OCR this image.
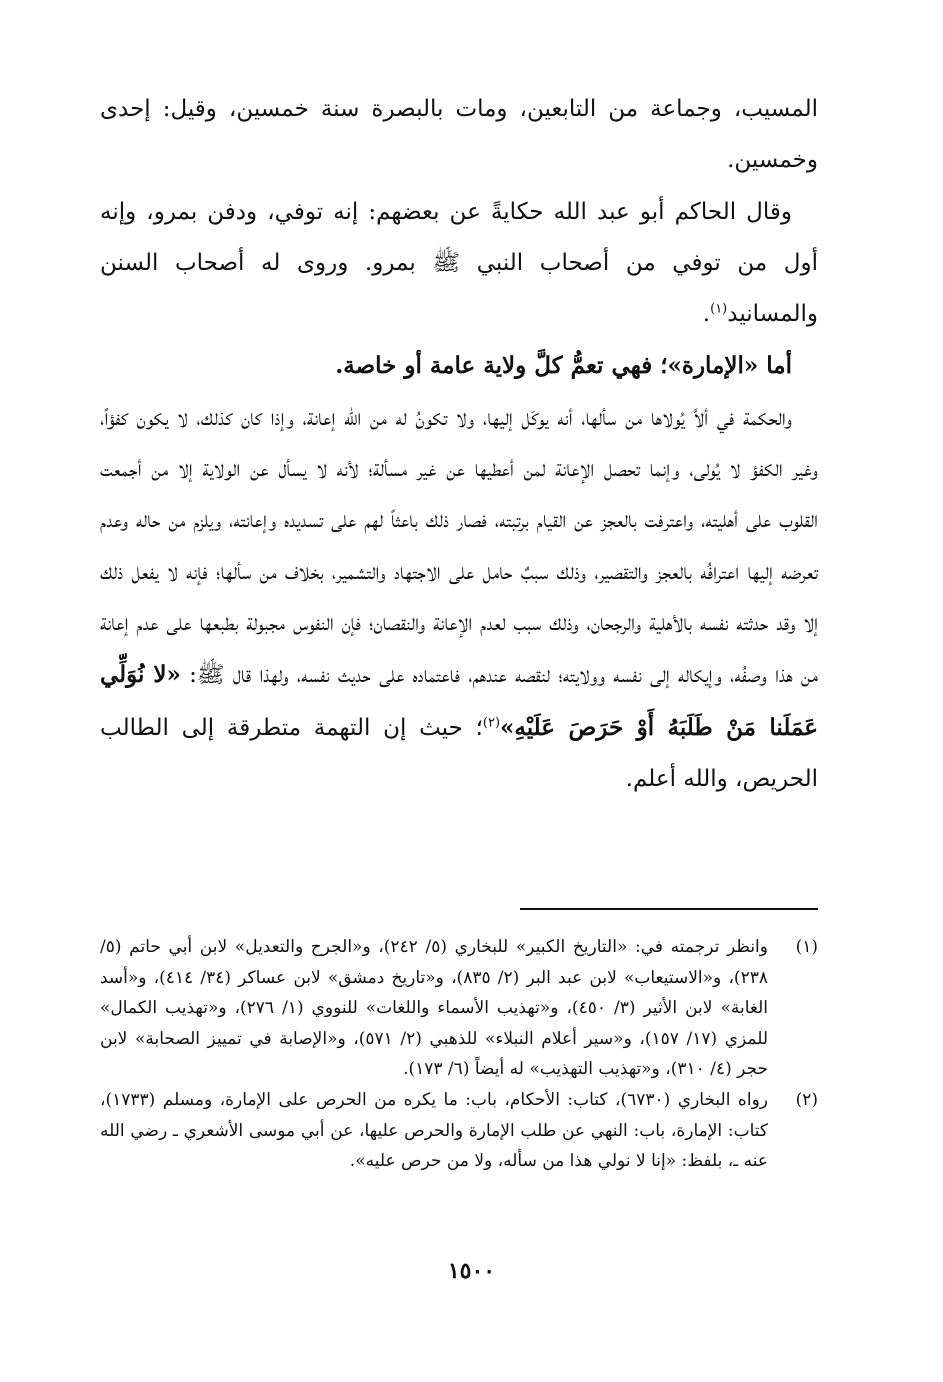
المسيب، وجماعة من التابعين، ومات بالبصرة سنة خمسين، وقيل: إحدى وخمسين.

وقال الحاكم أبو عبد الله حكايةً عن بعضهم: إنه توفي، ودفن بمرو، وإنه أول من توفي من أصحاب النبي ﷺ بمرو. وروى له أصحاب السنن والمسانيد$^{(١)}$.

أما «الإمارة»؛ فهي تعمُّ كلَّ ولاية عامة أو خاصة.

والحكمة في ألاَّ يُولاها من سألها، أنه يوكَل إليها، ولا تكونُ له من الله إعانة، وإذا كان كذلك، لا يكون كفؤاً، وغير الكفؤ لا يُولى، وإنما تحصل الإعانة لمن أعطيها عن غير مسألة؛ لأنه لا يسأل عن الولاية إلا من أجمعت القلوب على أهليته، واعترفت بالعجز عن القيام برتبته، فصار ذلك باعثاً لهم على تسديده وإعانته، ويلزم من حاله وعدم تعرضه إليها اعترافُه بالعجز والتقصير، وذلك سببٌ حامل على الاجتهاد والتشمير، بخلاف من سألها؛ فإنه لا يفعل ذلك إلا وقد حدثته نفسه بالأهلية والرجحان، وذلك سبب لعدم الإعانة والنقصان؛ فإن النفوس مجبولة بطبعها على عدم إعانة من هذا وصفُه، وإيكاله إلى نفسه وولايته؛ لنقصه عندهم، فاعتماده على حديث نفسه، ولهذا قال ﷺ: «لا نُوَلِّي عَمَلَنا مَنْ طَلَبَهُ أَوْ حَرَصَ عَلَيْهِ»$^{(٢)}$؛ حيث إن التهمة متطرقة إلى الطالب الحريص، والله أعلم.

(١)
وانظر ترجمته في: «التاريخ الكبير» للبخاري (٥/ ٢٤٢)، و«الجرح والتعديل» لابن أبي حاتم (٥/ ٢٣٨)، و«الاستيعاب» لابن عبد البر (٢/ ٨٣٥)، و«تاريخ دمشق» لابن عساكر (٣٤/ ٤١٤)، و«أسد الغابة» لابن الأثير (٣/ ٤٥٠)، و«تهذيب الأسماء واللغات» للنووي (١/ ٢٧٦)، و«تهذيب الكمال» للمزي (١٧/ ١٥٧)، و«سير أعلام النبلاء» للذهبي (٢/ ٥٧١)، و«الإصابة في تمييز الصحابة» لابن حجر (٤/ ٣١٠)، و«تهذيب التهذيب» له أيضاً (٦/ ١٧٣).
(٢)
رواه البخاري (٦٧٣٠)، كتاب: الأحكام، باب: ما يكره من الحرص على الإمارة، ومسلم (١٧٣٣)، كتاب: الإمارة، باب: النهي عن طلب الإمارة والحرص عليها، عن أبي موسى الأشعري ـ رضي الله عنه ـ، بلفظ: «إنا لا نولي هذا من سأله، ولا من حرص عليه».
١٥٠٠
